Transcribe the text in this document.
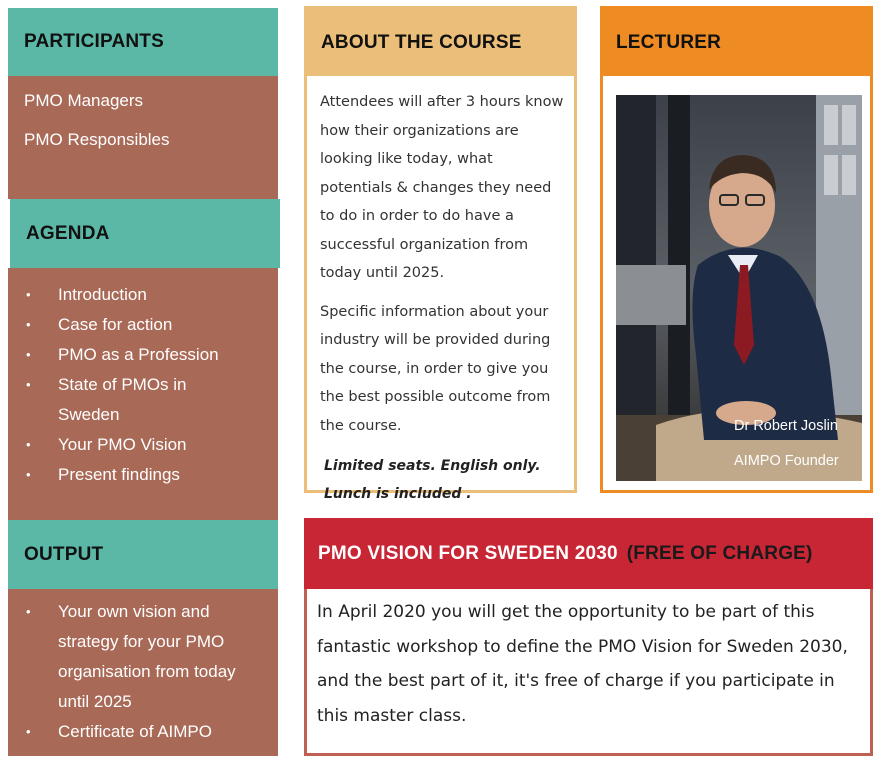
PARTICIPANTS
PMO Managers
PMO Responsibles
AGENDA
• Introduction
• Case for action
• PMO as a Profession
• State of PMOs in Sweden
• Your PMO Vision
• Present findings
OUTPUT
• Your own vision and strategy for your PMO organisation from today until 2025
• Certificate of AIMPO
ABOUT THE COURSE

Attendees will after 3 hours know how their organizations are looking like today, what potentials & changes they need to do in order to do have a successful organization from today until 2025.

Specific information about your industry will be provided during the course, in order to give you the best possible outcome from the course.

Limited seats. English only.
Lunch is included .
LECTURER
Dr Robert Joslin
AIMPO Founder
PMO VISION FOR SWEDEN 2030 (FREE OF CHARGE)
In April 2020 you will get the opportunity to be part of this fantastic workshop to define the PMO Vision for Sweden 2030, and the best part of it, it's free of charge if you participate in this master class.
